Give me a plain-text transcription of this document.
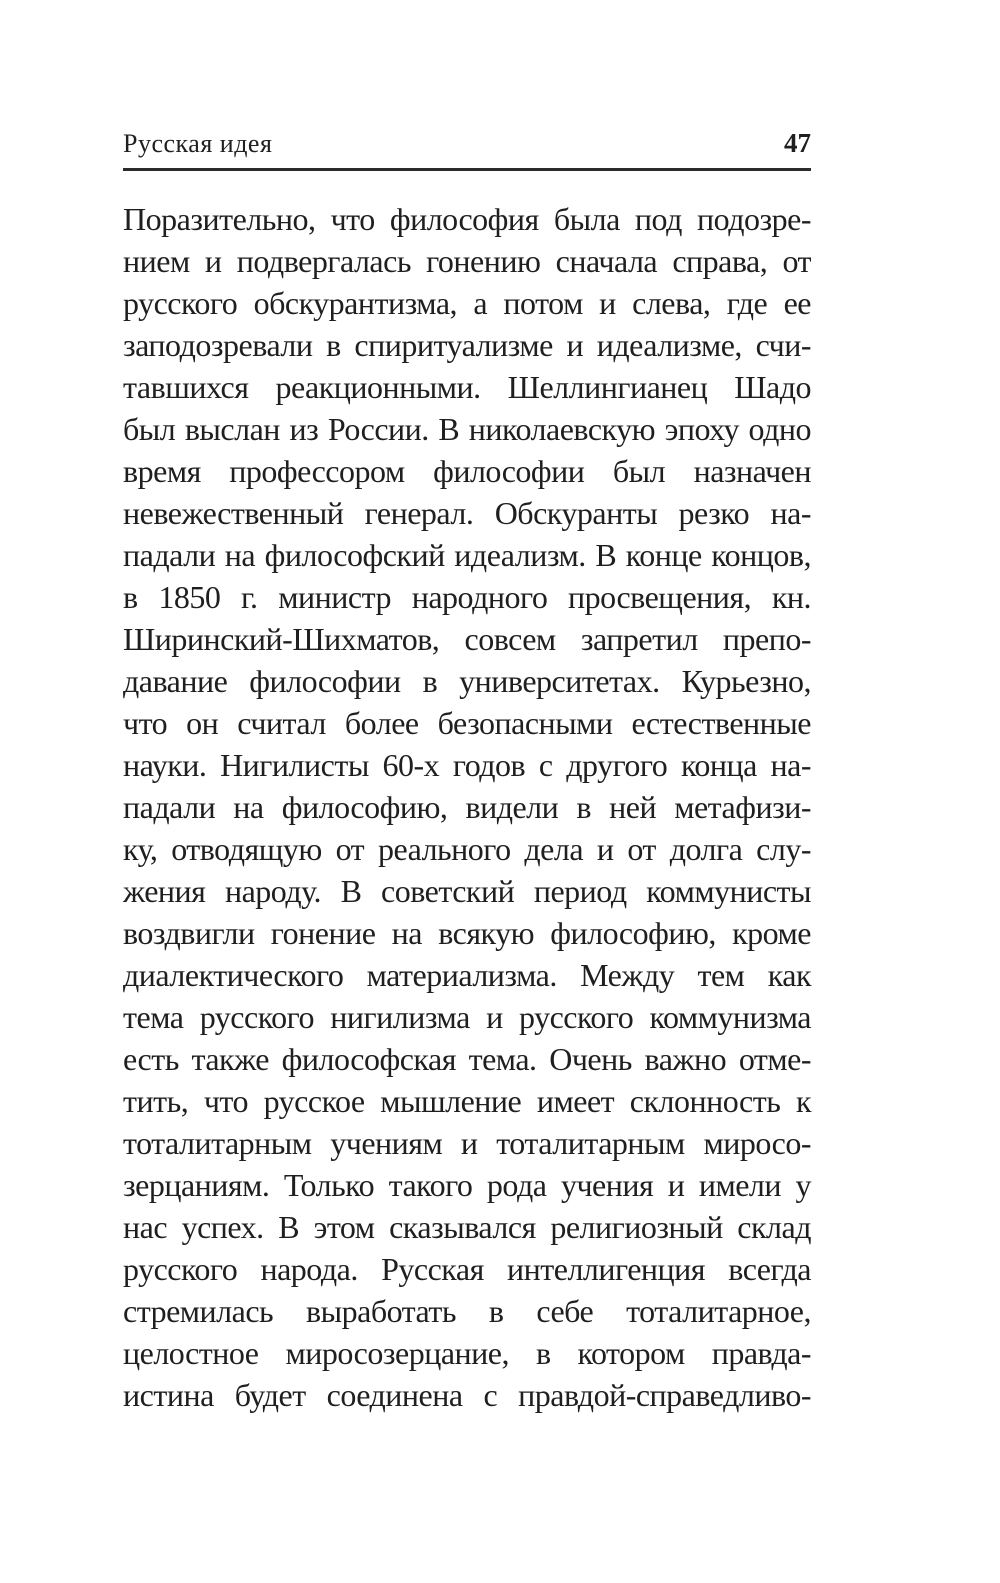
Русская идея	47
Поразительно, что философия была под подозре-
нием и подвергалась гонению сначала справа, от
русского обскурантизма, а потом и слева, где ее
заподозревали в спиритуализме и идеализме, счи-
тавшихся реакционными. Шеллингианец Шадо
был выслан из России. В николаевскую эпоху одно
время профессором философии был назначен
невежественный генерал. Обскуранты резко на-
падали на философский идеализм. В конце концов,
в 1850 г. министр народного просвещения, кн.
Ширинский-Шихматов, совсем запретил препо-
давание философии в университетах. Курьезно,
что он считал более безопасными естественные
науки. Нигилисты 60-х годов с другого конца на-
падали на философию, видели в ней метафизи-
ку, отводящую от реального дела и от долга слу-
жения народу. В советский период коммунисты
воздвигли гонение на всякую философию, кроме
диалектического материализма. Между тем как
тема русского нигилизма и русского коммунизма
есть также философская тема. Очень важно отме-
тить, что русское мышление имеет склонность к
тоталитарным учениям и тоталитарным миросо-
зерцаниям. Только такого рода учения и имели у
нас успех. В этом сказывался религиозный склад
русского народа. Русская интеллигенция всегда
стремилась выработать в себе тоталитарное,
целостное миросозерцание, в котором правда-
истина будет соединена с правдой-справедливо-
